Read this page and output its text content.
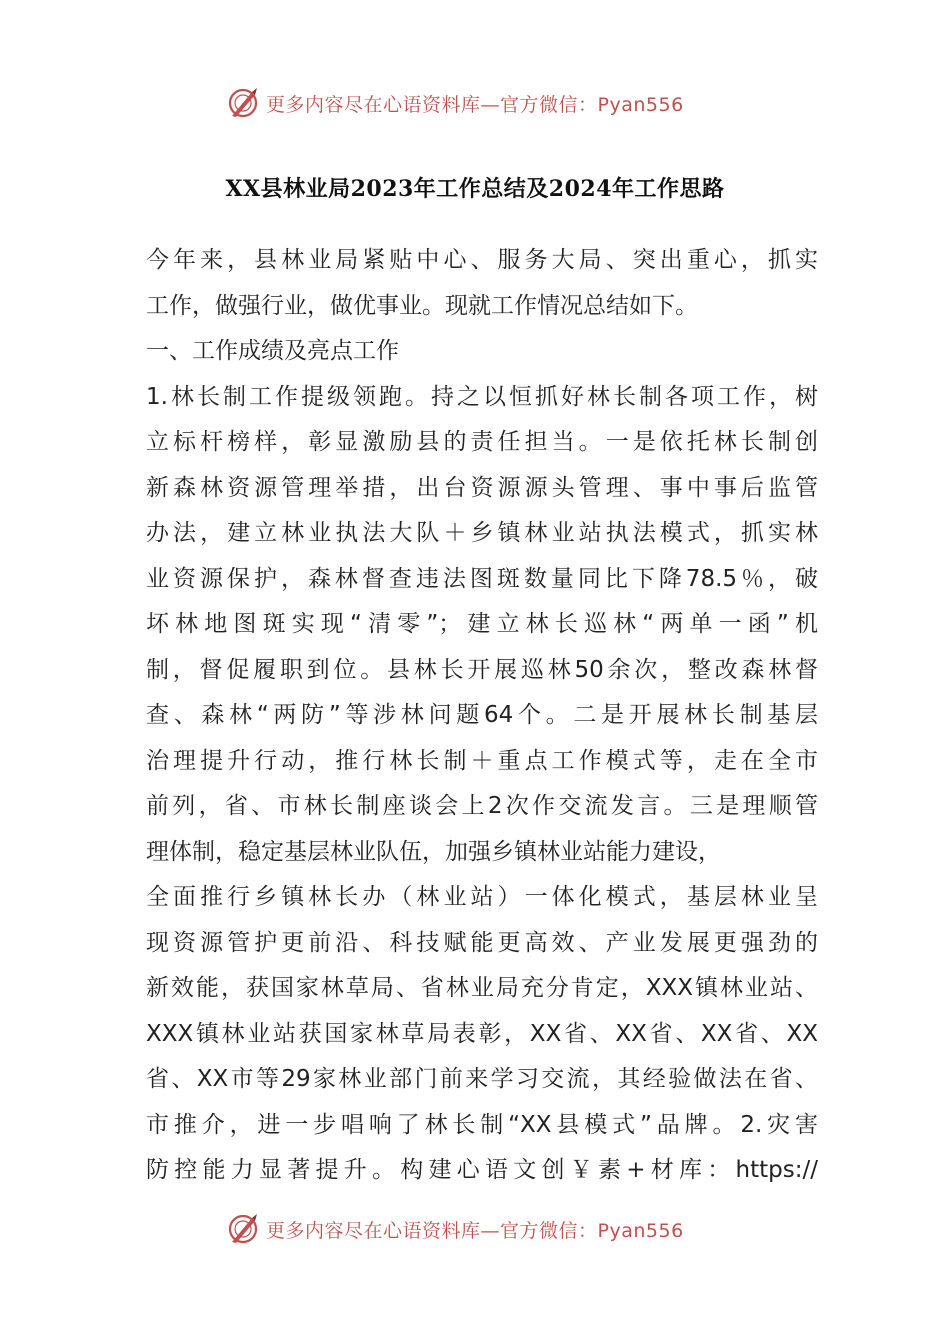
更多内容尽在心语资料库—官方微信：Pyan556
XX县林业局2023年工作总结及2024年工作思路
今年来，县林业局紧贴中心、服务大局、突出重心，抓实
工作，做强行业，做优事业。现就工作情况总结如下。
一、工作成绩及亮点工作
1.林长制工作提级领跑。持之以恒抓好林长制各项工作，树
立标杆榜样，彰显激励县的责任担当。一是依托林长制创
新森林资源管理举措，出台资源源头管理、事中事后监管
办法，建立林业执法大队＋乡镇林业站执法模式，抓实林
业资源保护，森林督查违法图斑数量同比下降78.5％，破
坏林地图斑实现“清零”；建立林长巡林“两单一函”机
制，督促履职到位。县林长开展巡林50余次，整改森林督
查、森林“两防”等涉林问题64个。二是开展林长制基层
治理提升行动，推行林长制＋重点工作模式等，走在全市
前列，省、市林长制座谈会上2次作交流发言。三是理顺管
理体制，稳定基层林业队伍，加强乡镇林业站能力建设，
全面推行乡镇林长办（林业站）一体化模式，基层林业呈
现资源管护更前沿、科技赋能更高效、产业发展更强劲的
新效能，获国家林草局、省林业局充分肯定，XXX镇林业站、
XXX镇林业站获国家林草局表彰，XX省、XX省、XX省、XX
省、XX市等29家林业部门前来学习交流，其经验做法在省、
市推介，进一步唱响了林长制“XX县模式”品牌。2.灾害
防控能力显著提升。构建心语文创￥素+材库：https://
更多内容尽在心语资料库—官方微信：Pyan556
